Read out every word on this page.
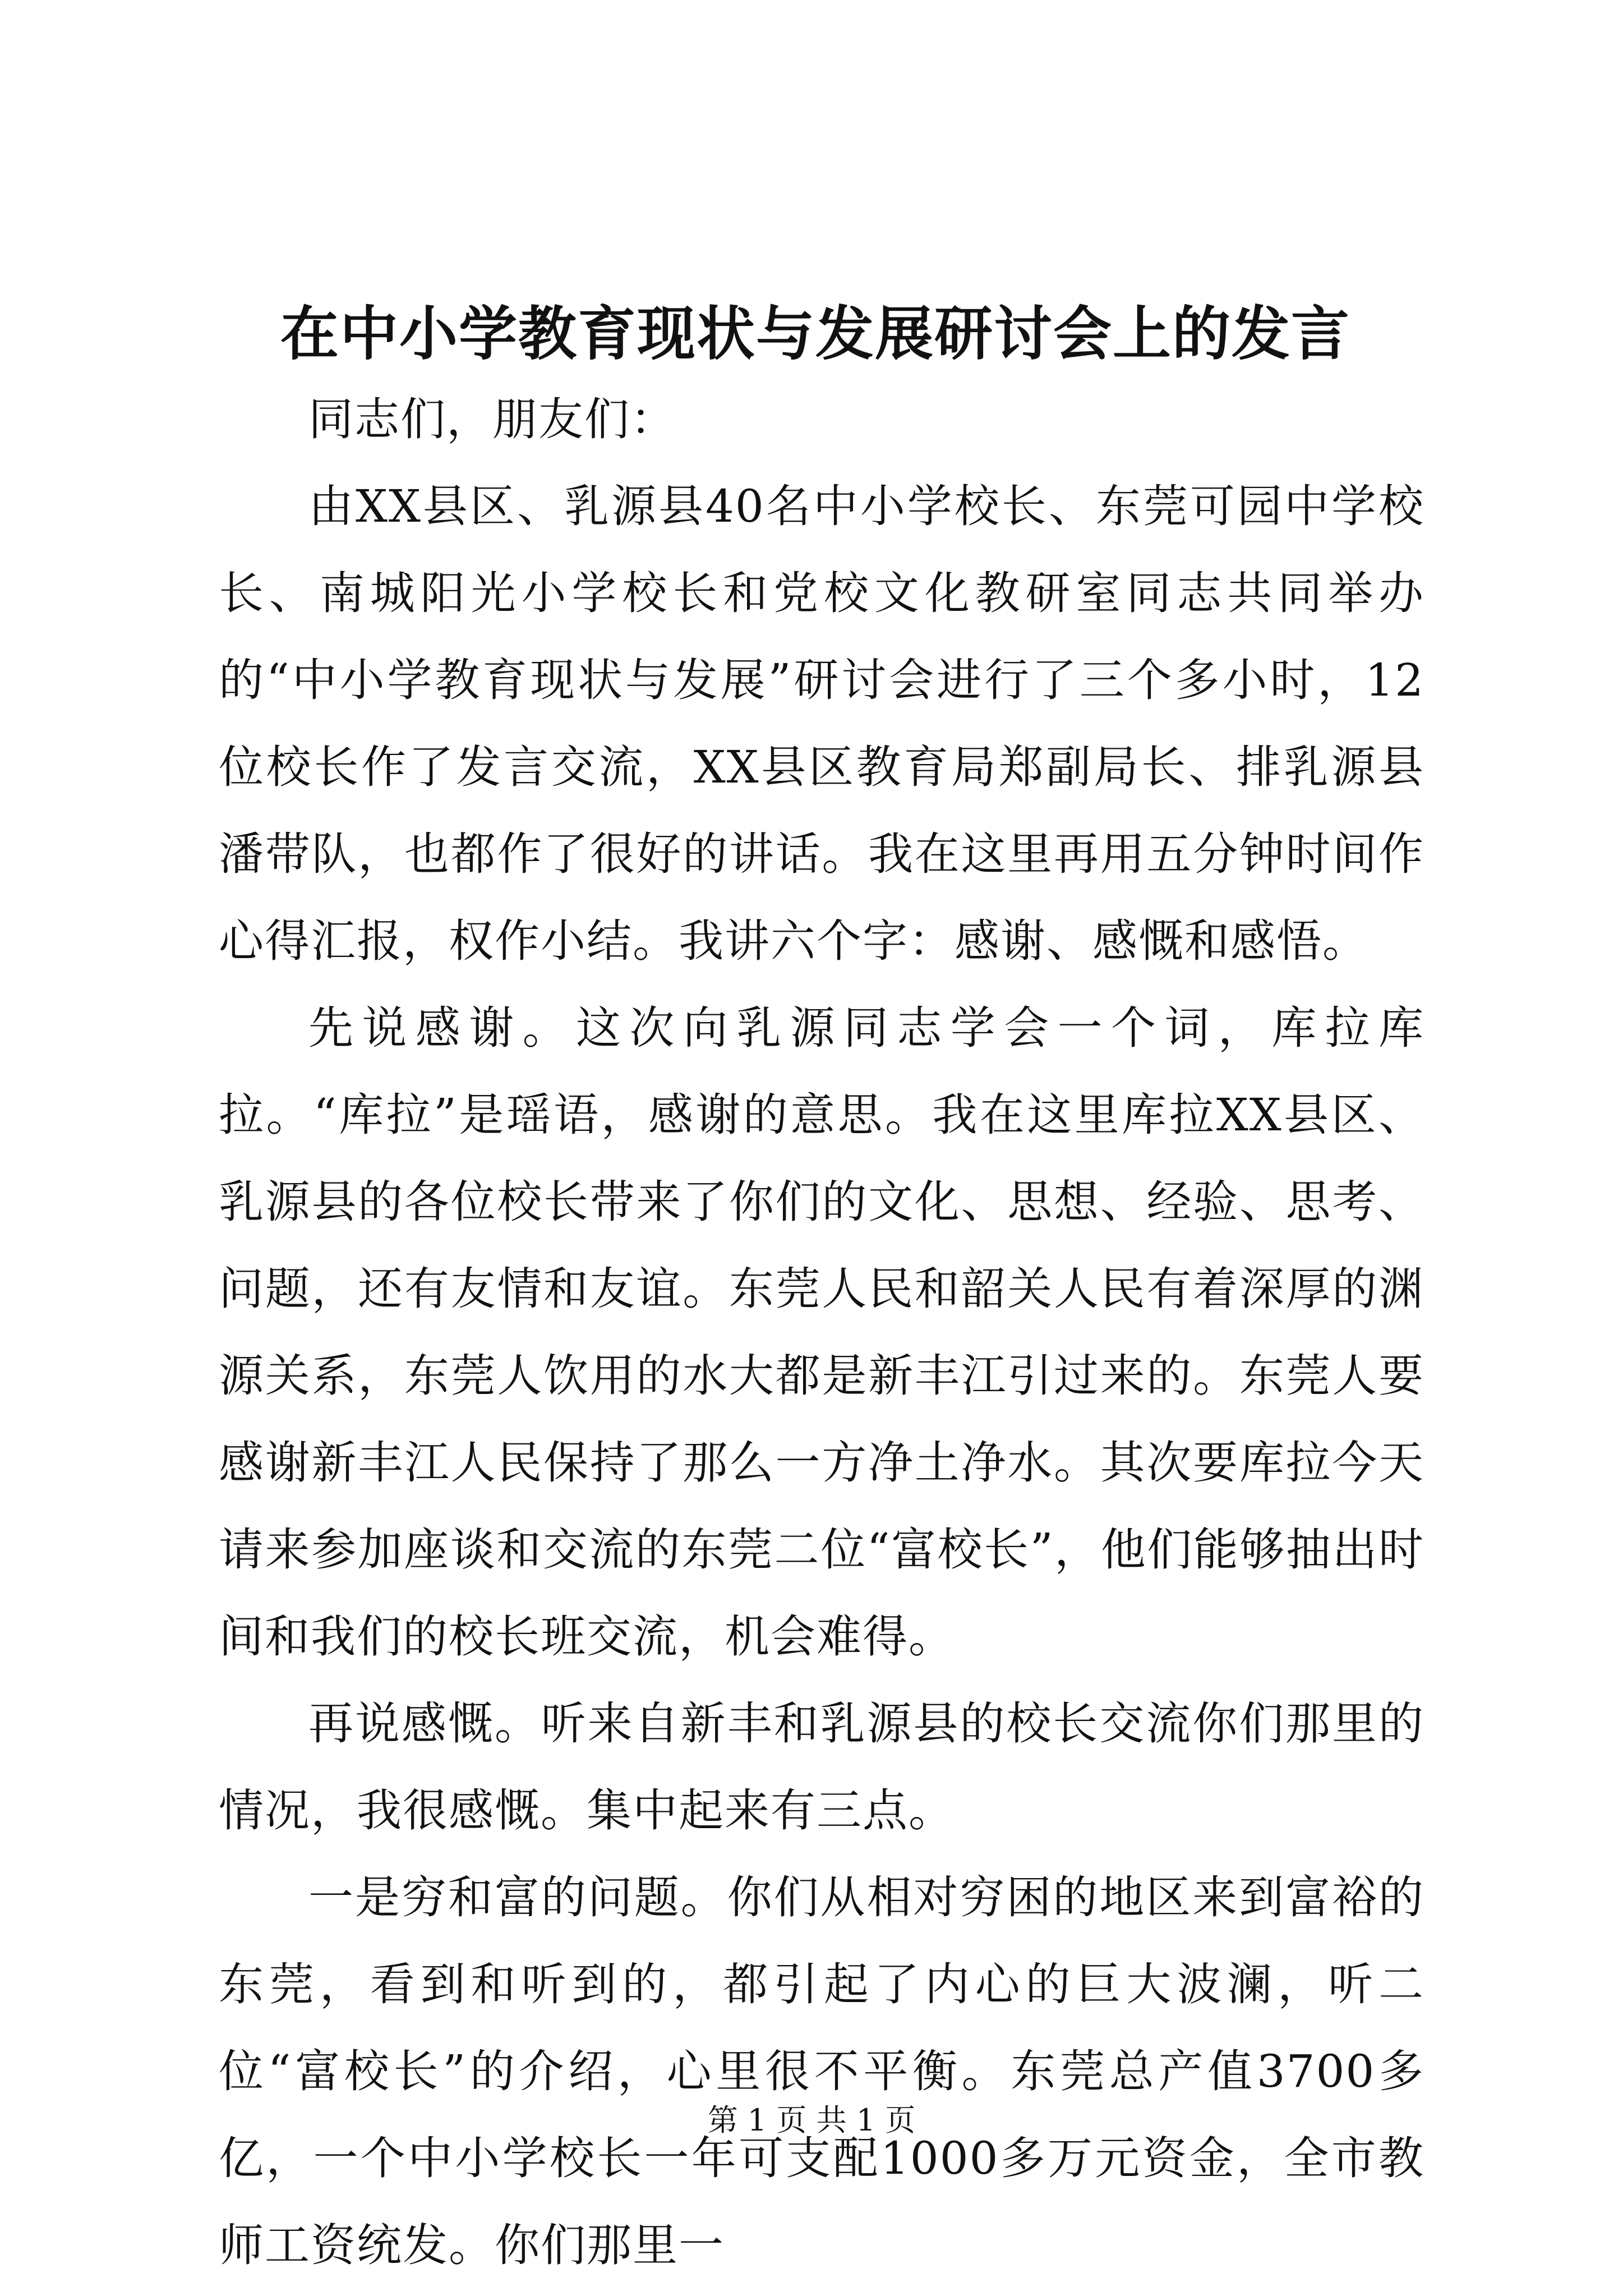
在中小学教育现状与发展研讨会上的发言

同志们，朋友们：

由XX县区、乳源县40名中小学校长、东莞可园中学校长、南城阳光小学校长和党校文化教研室同志共同举办的“中小学教育现状与发展”研讨会进行了三个多小时，12位校长作了发言交流，XX县区教育局郑副局长、排乳源县潘带队，也都作了很好的讲话。我在这里再用五分钟时间作心得汇报，权作小结。我讲六个字：感谢、感慨和感悟。

先说感谢。这次向乳源同志学会一个词，库拉库拉。“库拉”是瑶语，感谢的意思。我在这里库拉XX县区、乳源县的各位校长带来了你们的文化、思想、经验、思考、问题，还有友情和友谊。东莞人民和韶关人民有着深厚的渊源关系，东莞人饮用的水大都是新丰江引过来的。东莞人要感谢新丰江人民保持了那么一方净土净水。其次要库拉今天请来参加座谈和交流的东莞二位“富校长”，他们能够抽出时间和我们的校长班交流，机会难得。

再说感慨。听来自新丰和乳源县的校长交流你们那里的情况，我很感慨。集中起来有三点。

一是穷和富的问题。你们从相对穷困的地区来到富裕的东莞，看到和听到的，都引起了内心的巨大波澜，听二位“富校长”的介绍，心里很不平衡。东莞总产值3700多亿，一个中小学校长一年可支配1000多万元资金，全市教师工资统发。你们那里一

第 1 页 共 1 页
